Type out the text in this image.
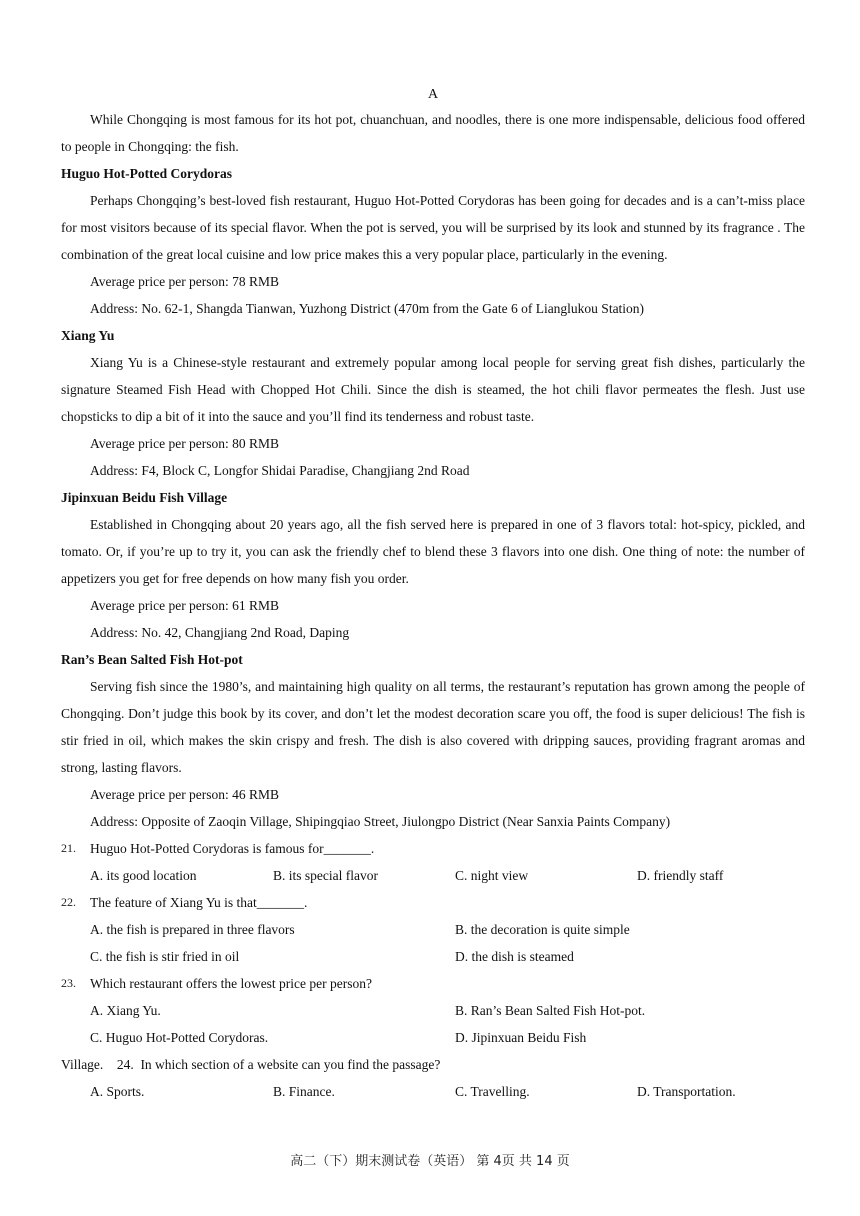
A

While Chongqing is most famous for its hot pot, chuanchuan, and noodles, there is one more indispensable, delicious food offered to people in Chongqing: the fish.

Huguo Hot-Potted Corydoras

Perhaps Chongqing’s best-loved fish restaurant, Huguo Hot-Potted Corydoras has been going for decades and is a can’t-miss place for most visitors because of its special flavor. When the pot is served, you will be surprised by its look and stunned by its fragrance . The combination of the great local cuisine and low price makes this a very popular place, particularly in the evening.

Average price per person: 78 RMB

Address: No. 62-1, Shangda Tianwan, Yuzhong District (470m from the Gate 6 of Lianglukou Station)

Xiang Yu

Xiang Yu is a Chinese-style restaurant and extremely popular among local people for serving great fish dishes, particularly the signature Steamed Fish Head with Chopped Hot Chili. Since the dish is steamed, the hot chili flavor permeates the flesh. Just use chopsticks to dip a bit of it into the sauce and you’ll find its tenderness and robust taste.

Average price per person: 80 RMB

Address: F4, Block C, Longfor Shidai Paradise, Changjiang 2nd Road

Jipinxuan Beidu Fish Village

Established in Chongqing about 20 years ago, all the fish served here is prepared in one of 3 flavors total: hot-spicy, pickled, and tomato. Or, if you’re up to try it, you can ask the friendly chef to blend these 3 flavors into one dish. One thing of note: the number of appetizers you get for free depends on how many fish you order.

Average price per person: 61 RMB

Address: No. 42, Changjiang 2nd Road, Daping

Ran’s Bean Salted Fish Hot-pot

Serving fish since the 1980’s, and maintaining high quality on all terms, the restaurant’s reputation has grown among the people of Chongqing. Don’t judge this book by its cover, and don’t let the modest decoration scare you off, the food is super delicious! The fish is stir fried in oil, which makes the skin crispy and fresh. The dish is also covered with dripping sauces, providing fragrant aromas and strong, lasting flavors.

Average price per person: 46 RMB

Address: Opposite of Zaoqin Village, Shipingqiao Street, Jiulongpo District (Near Sanxia Paints Company)

21.	Huguo Hot-Potted Corydoras is famous for_______.

A. its good location	B. its special flavor	C. night view	D. friendly staff

22.	The feature of Xiang Yu is that_______.

A. the fish is prepared in three flavors	B. the decoration is quite simple
C. the fish is stir fried in oil	D. the dish is steamed

23.	Which restaurant offers the lowest price per person?

A. Xiang Yu.	B. Ran’s Bean Salted Fish Hot-pot.
C. Huguo Hot-Potted Corydoras.	D. Jipinxuan Beidu Fish

Village. 24. In which section of a website can you find the passage?

A. Sports.	B. Finance.	C. Travelling.	D. Transportation.
高二（下）期末测试卷（英语） 第 4页 共 14 页
